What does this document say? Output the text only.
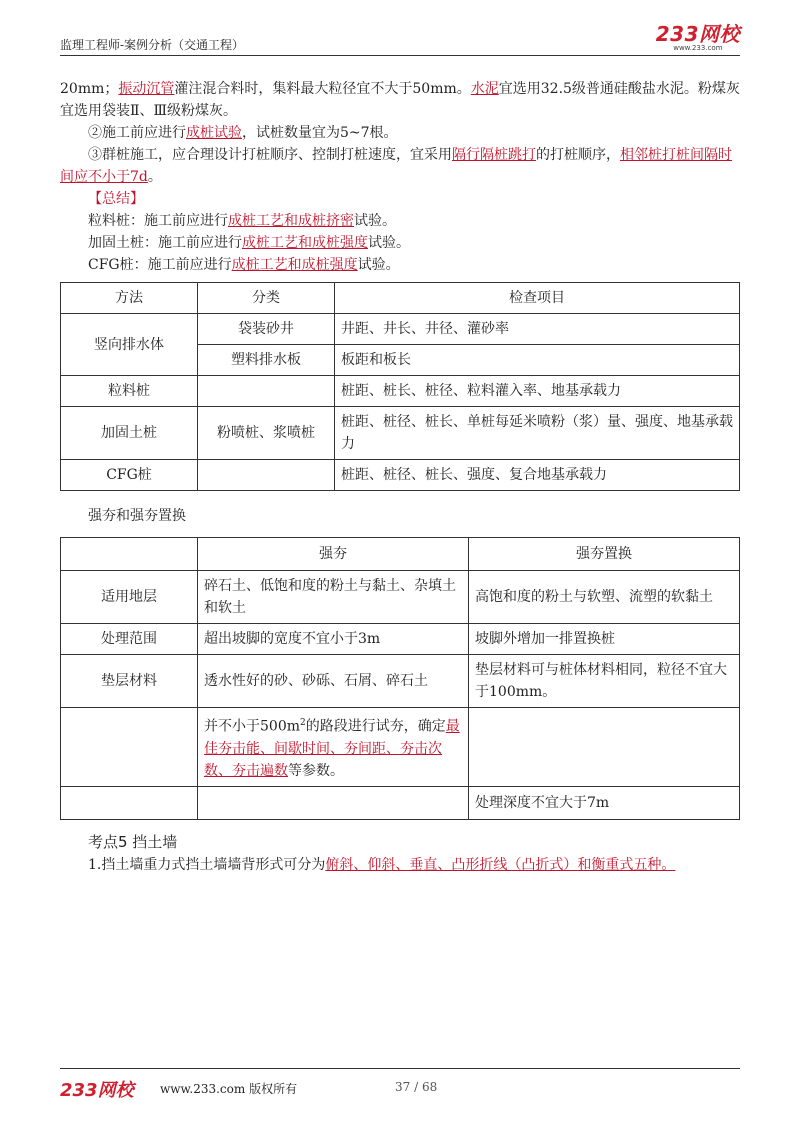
监理工程师-案例分析（交通工程）	233网校
www.233.com

20mm；振动沉管灌注混合料时，集料最大粒径宜不大于50mm。水泥宜选用32.5级普通硅酸盐水泥。粉煤灰宜选用袋装Ⅱ、Ⅲ级粉煤灰。

②施工前应进行成桩试验，试桩数量宜为5~7根。

③群桩施工，应合理设计打桩顺序、控制打桩速度，宜采用隔行隔桩跳打的打桩顺序，相邻桩打桩间隔时间应不小于7d。

【总结】

粒料桩：施工前应进行成桩工艺和成桩挤密试验。

加固土桩：施工前应进行成桩工艺和成桩强度试验。

CFG桩：施工前应进行成桩工艺和成桩强度试验。

方法	分类	检查项目
竖向排水体	袋装砂井	井距、井长、井径、灌砂率
	塑料排水板	板距和板长
粒料桩		桩距、桩长、桩径、粒料灌入率、地基承载力
加固土桩	粉喷桩、浆喷桩	桩距、桩径、桩长、单桩每延米喷粉（浆）量、强度、地基承载力
CFG桩		桩距、桩径、桩长、强度、复合地基承载力

强夯和强夯置换

	强夯	强夯置换
适用地层	碎石土、低饱和度的粉土与黏土、杂填土和软土	高饱和度的粉土与软塑、流塑的软黏土
处理范围	超出坡脚的宽度不宜小于3m	坡脚外增加一排置换桩
垫层材料	透水性好的砂、砂砾、石屑、碎石土	垫层材料可与桩体材料相同，粒径不宜大于100mm。
	并不小于$500m^2$的路段进行试夯，确定最佳夯击能、间歇时间、夯间距、夯击次数、夯击遍数等参数。	
		处理深度不宜大于7m
考点5 挡土墙

1.挡土墙重力式挡土墙墙背形式可分为俯斜、仰斜、垂直、凸形折线（凸折式）和衡重式五种。

233网校 www.233.com 版权所有	37 / 68
